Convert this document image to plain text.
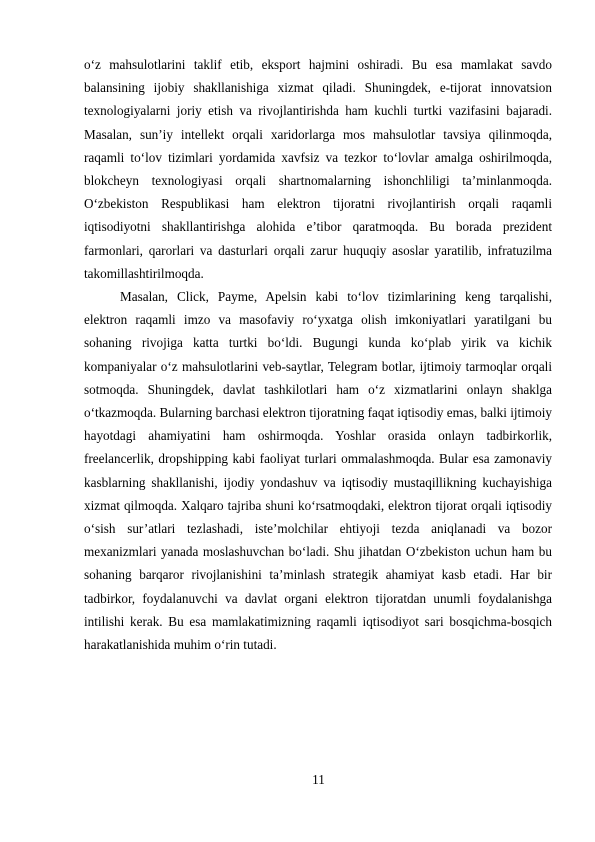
o‘z mahsulotlarini taklif etib, eksport hajmini oshiradi. Bu esa mamlakat savdo balansining ijobiy shakllanishiga xizmat qiladi. Shuningdek, e-tijorat innovatsion texnologiyalarni joriy etish va rivojlantirishda ham kuchli turtki vazifasini bajaradi. Masalan, sun’iy intellekt orqali xaridorlarga mos mahsulotlar tavsiya qilinmoqda, raqamli to‘lov tizimlari yordamida xavfsiz va tezkor to‘lovlar amalga oshirilmoqda, blokcheyn texnologiyasi orqali shartnomalarning ishonchliligi ta’minlanmoqda. O‘zbekiston Respublikasi ham elektron tijoratni rivojlantirish orqali raqamli iqtisodiyotni shakllantirishga alohida e’tibor qaratmoqda. Bu borada prezident farmonlari, qarorlari va dasturlari orqali zarur huquqiy asoslar yaratilib, infratuzilma takomillashtirilmoqda.

Masalan, Click, Payme, Apelsin kabi to‘lov tizimlarining keng tarqalishi, elektron raqamli imzo va masofaviy ro‘yxatga olish imkoniyatlari yaratilgani bu sohaning rivojiga katta turtki bo‘ldi. Bugungi kunda ko‘plab yirik va kichik kompaniyalar o‘z mahsulotlarini veb-saytlar, Telegram botlar, ijtimoiy tarmoqlar orqali sotmoqda. Shuningdek, davlat tashkilotlari ham o‘z xizmatlarini onlayn shaklga o‘tkazmoqda. Bularning barchasi elektron tijoratning faqat iqtisodiy emas, balki ijtimoiy hayotdagi ahamiyatini ham oshirmoqda. Yoshlar orasida onlayn tadbirkorlik, freelancerlik, dropshipping kabi faoliyat turlari ommalashmoqda. Bular esa zamonaviy kasblarning shakllanishi, ijodiy yondashuv va iqtisodiy mustaqillikning kuchayishiga xizmat qilmoqda. Xalqaro tajriba shuni ko‘rsatmoqdaki, elektron tijorat orqali iqtisodiy o‘sish sur’atlari tezlashadi, iste’molchilar ehtiyoji tezda aniqlanadi va bozor mexanizmlari yanada moslashuvchan bo‘ladi. Shu jihatdan O‘zbekiston uchun ham bu sohaning barqaror rivojlanishini ta’minlash strategik ahamiyat kasb etadi. Har bir tadbirkor, foydalanuvchi va davlat organi elektron tijoratdan unumli foydalanishga intilishi kerak. Bu esa mamlakatimizning raqamli iqtisodiyot sari bosqichma-bosqich harakatlanishida muhim o‘rin tutadi.

11
